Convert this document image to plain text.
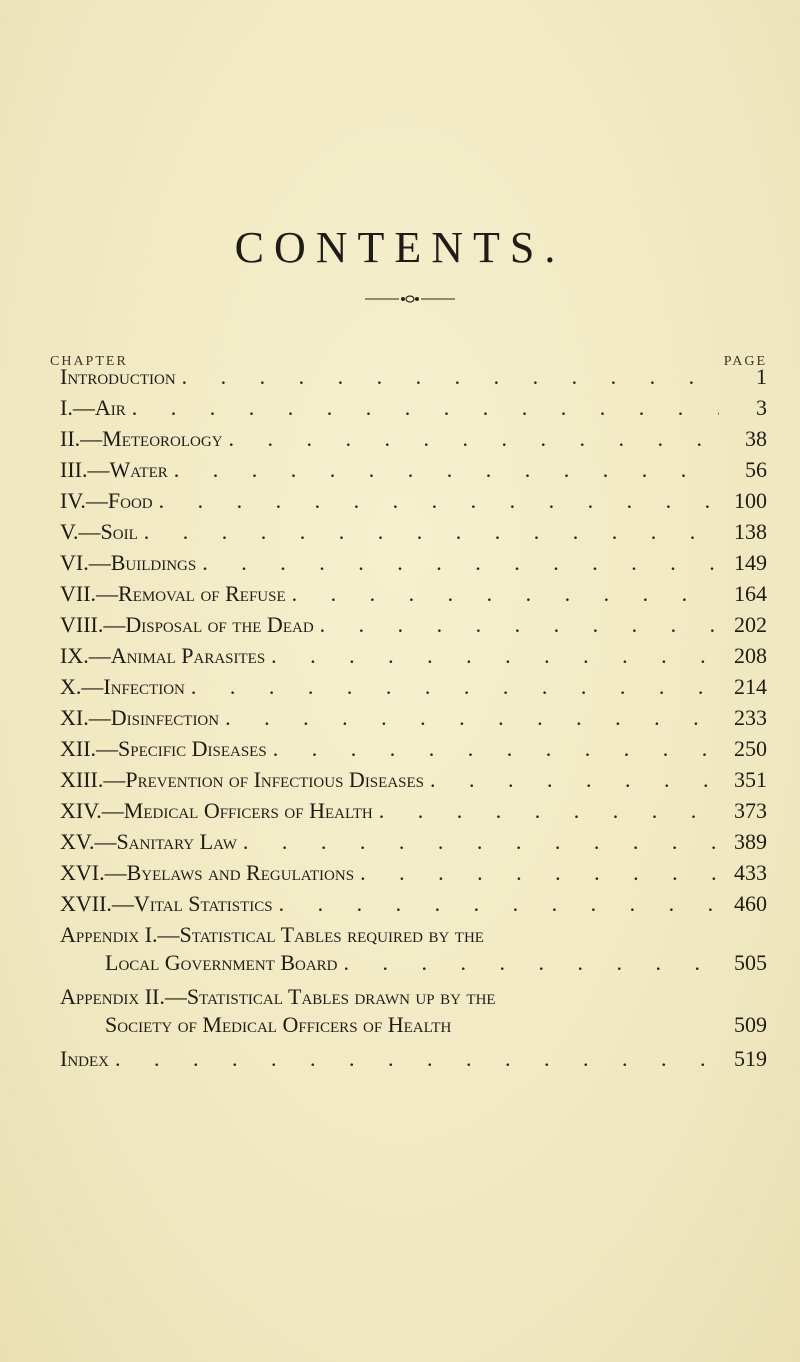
CONTENTS.
CHAPTER	PAGE
Introduction . . .	1
I.—Air . . .	3
II.—Meteorology . . .	38
III.—Water . . .	56
IV.—Food . . .	100
V.—Soil . . .	138
VI.—Buildings . . .	149
VII.—Removal of Refuse . . .	164
VIII.—Disposal of the Dead . . .	202
IX.—Animal Parasites . . .	208
X.—Infection . . .	214
XI.—Disinfection . . .	233
XII.—Specific Diseases . . .	250
XIII.—Prevention of Infectious Diseases . . .	351
XIV.—Medical Officers of Health . . .	373
XV.—Sanitary Law . . .	389
XVI.—Byelaws and Regulations . . .	433
XVII.—Vital Statistics . . .	460
Appendix I.—Statistical Tables required by the
Local Government Board . . .	505
Appendix II.—Statistical Tables drawn up by the
Society of Medical Officers of Health	509
Index . . .	519
